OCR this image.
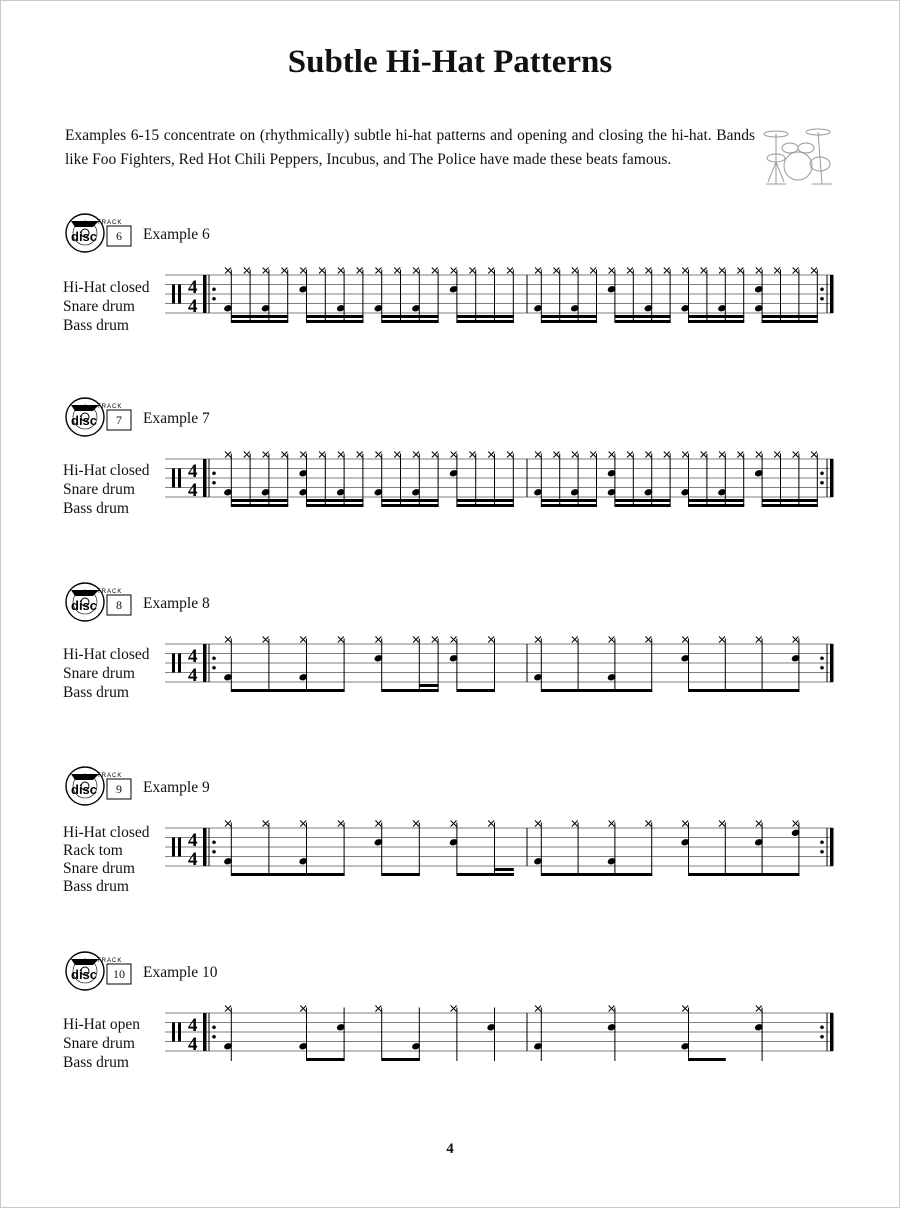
Subtle Hi-Hat Patterns

Examples 6-15 concentrate on (rhythmically) subtle hi-hat patterns and opening and closing the hi-hat. Bands like Foo Fighters, Red Hot Chili Peppers, Incubus, and The Police have made these beats famous.

TRACK
disc	6	Example 6
Hi-Hat closed
Snare drum
Bass drum
4
4
TRACK
disc	7	Example 7
Hi-Hat closed
Snare drum
Bass drum
4
4
TRACK
disc	8	Example 8
Hi-Hat closed
Snare drum
Bass drum
4
4
TRACK
disc	9	Example 9
Hi-Hat closed
Rack tom
Snare drum
Bass drum
4
4
TRACK
disc	10	Example 10
Hi-Hat open
Snare drum
Bass drum
4
4
4
